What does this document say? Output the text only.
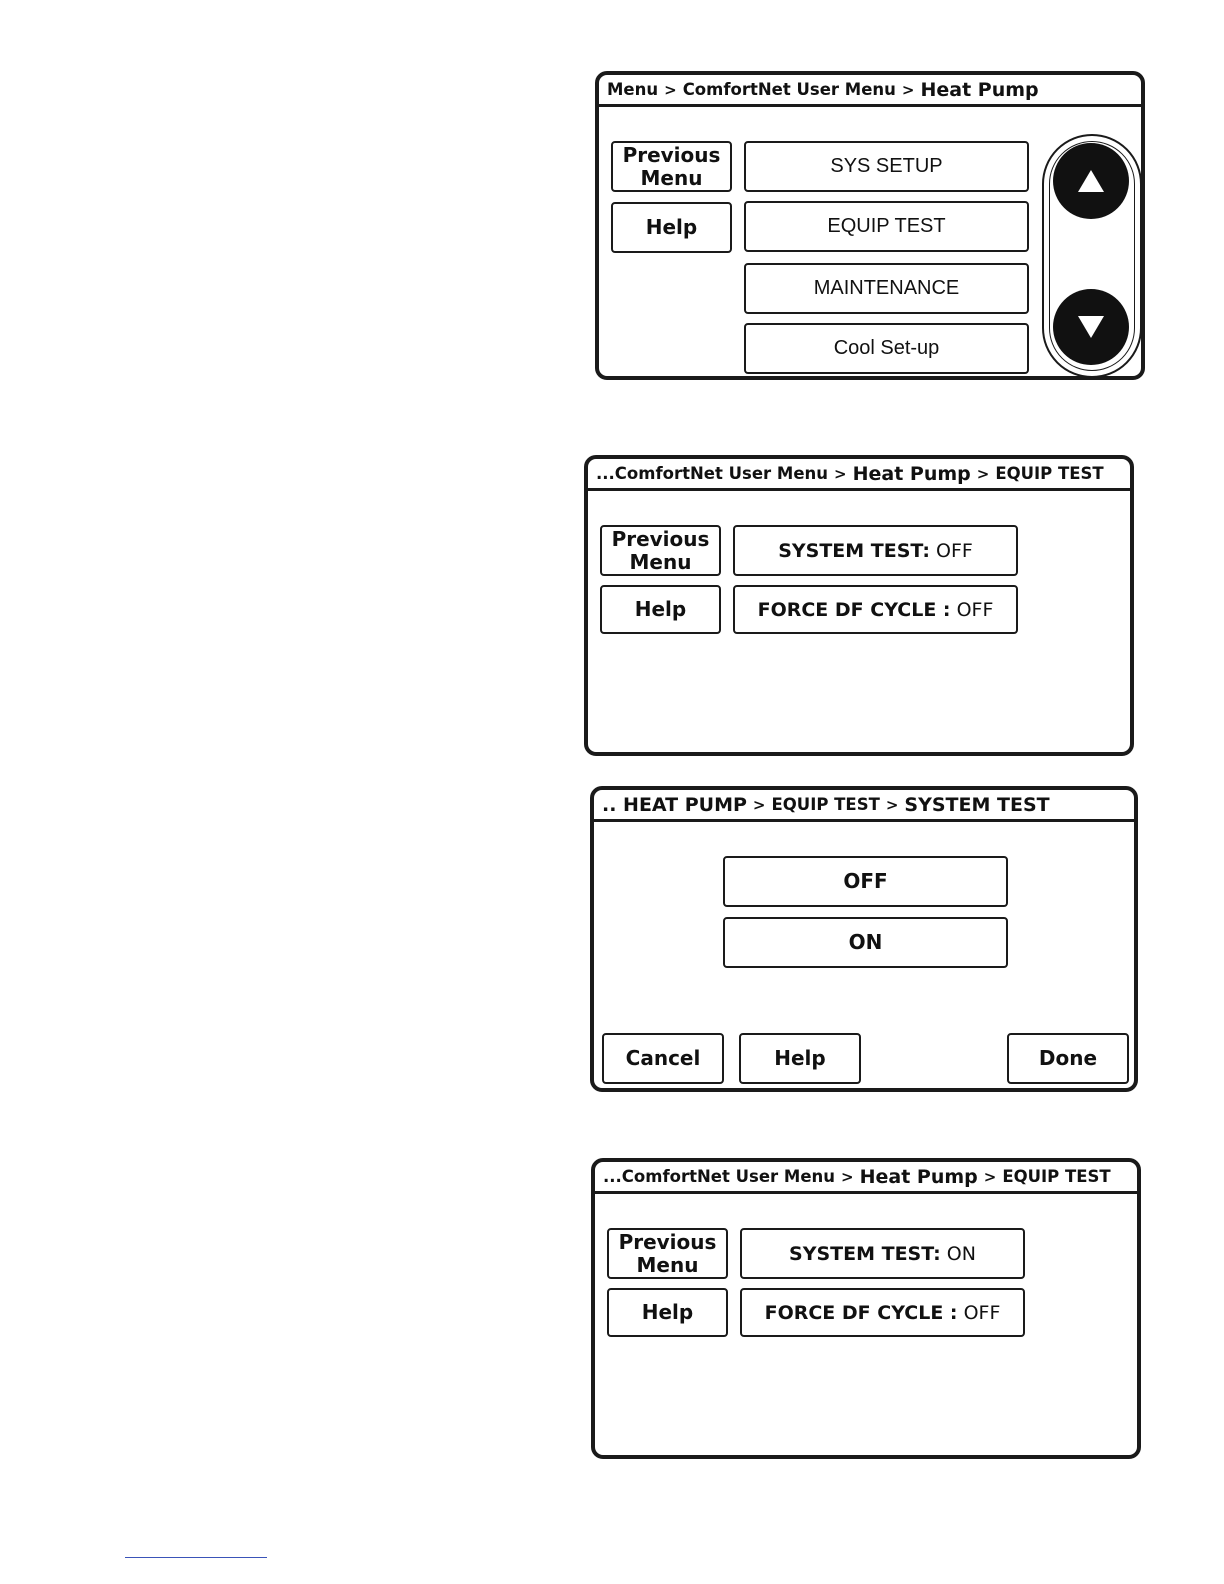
Menu > ComfortNet User Menu > Heat Pump
Previous Menu
Help
SYS SETUP
EQUIP TEST
MAINTENANCE
Cool Set-up
...ComfortNet User Menu > Heat Pump > EQUIP TEST
Previous Menu
Help
SYSTEM TEST:
OFF
FORCE DF CYCLE :
OFF
.. HEAT PUMP > EQUIP TEST > SYSTEM TEST
OFF
ON
Cancel	Help	Done
...ComfortNet User Menu > Heat Pump > EQUIP TEST
Previous Menu
Help
SYSTEM TEST:
ON
FORCE DF CYCLE :
OFF
